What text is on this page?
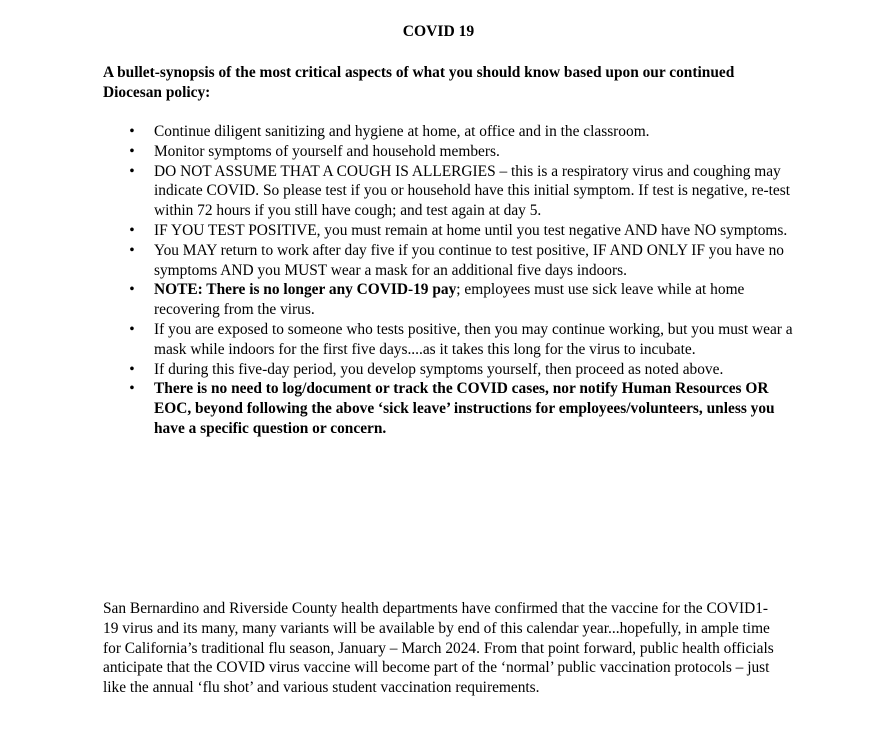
COVID 19

A bullet-synopsis of the most critical aspects of what you should know based upon our continued Diocesan policy:

• Continue diligent sanitizing and hygiene at home, at office and in the classroom.
• Monitor symptoms of yourself and household members.
• DO NOT ASSUME THAT A COUGH IS ALLERGIES – this is a respiratory virus and coughing may indicate COVID. So please test if you or household have this initial symptom. If test is negative, re-test within 72 hours if you still have cough; and test again at day 5.
• IF YOU TEST POSITIVE, you must remain at home until you test negative AND have NO symptoms.
• You MAY return to work after day five if you continue to test positive, IF AND ONLY IF you have no symptoms AND you MUST wear a mask for an additional five days indoors.
• NOTE: There is no longer any COVID-19 pay; employees must use sick leave while at home recovering from the virus.
• If you are exposed to someone who tests positive, then you may continue working, but you must wear a mask while indoors for the first five days....as it takes this long for the virus to incubate.
• If during this five-day period, you develop symptoms yourself, then proceed as noted above.
• There is no need to log/document or track the COVID cases, nor notify Human Resources OR EOC, beyond following the above ‘sick leave’ instructions for employees/volunteers, unless you have a specific question or concern.

San Bernardino and Riverside County health departments have confirmed that the vaccine for the COVID1-19 virus and its many, many variants will be available by end of this calendar year...hopefully, in ample time for California’s traditional flu season, January – March 2024. From that point forward, public health officials anticipate that the COVID virus vaccine will become part of the ‘normal’ public vaccination protocols – just like the annual ‘flu shot’ and various student vaccination requirements.
